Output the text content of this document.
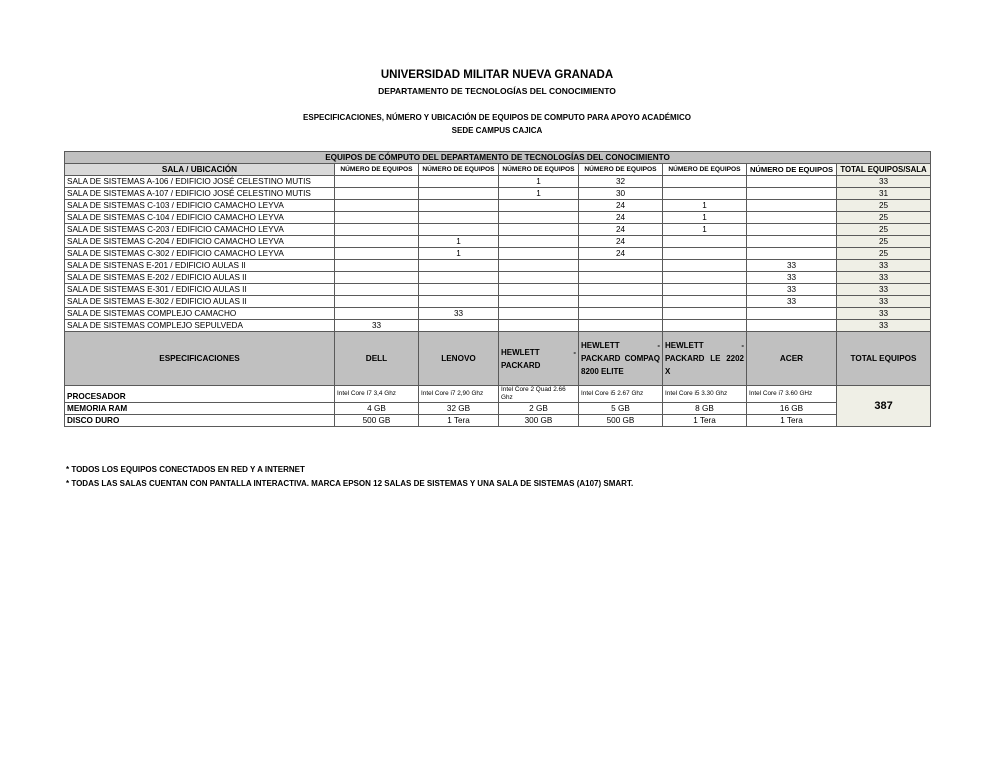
UNIVERSIDAD MILITAR NUEVA GRANADA
DEPARTAMENTO DE TECNOLOGÍAS DEL CONOCIMIENTO
ESPECIFICACIONES, NÚMERO Y UBICACIÓN DE EQUIPOS DE COMPUTO PARA APOYO ACADÉMICO
SEDE CAMPUS CAJICA
EQUIPOS DE CÓMPUTO DEL DEPARTAMENTO DE TECNOLOGÍAS DEL CONOCIMIENTO							
SALA / UBICACIÓN	NÚMERO DE EQUIPOS	NÚMERO DE EQUIPOS	NÚMERO DE EQUIPOS	NÚMERO DE EQUIPOS	NÚMERO DE EQUIPOS	NÚMERO DE EQUIPOS	TOTAL EQUIPOS/SALA
SALA DE SISTEMAS A-106 / EDIFICIO JOSÉ CELESTINO MUTIS			1	32			33
SALA DE SISTEMAS A-107 / EDIFICIO JOSÉ CELESTINO MUTIS			1	30			31
SALA DE SISTEMAS C-103 / EDIFICIO CAMACHO LEYVA				24	1		25
SALA DE SISTEMAS C-104 / EDIFICIO CAMACHO LEYVA				24	1		25
SALA DE SISTEMAS C-203 / EDIFICIO CAMACHO LEYVA				24	1		25
SALA DE SISTEMAS C-204 / EDIFICIO CAMACHO LEYVA		1		24			25
SALA DE SISTEMAS C-302 / EDIFICIO CAMACHO LEYVA		1		24			25
SALA DE SISTENAS E-201 / EDIFICIO AULAS II						33	33
SALA DE SISTEMAS E-202 / EDIFICIO AULAS II						33	33
SALA DE SISTEMAS E-301 / EDIFICIO AULAS II						33	33
SALA DE SISTEMAS E-302 / EDIFICIO AULAS II						33	33
SALA DE SISTEMAS COMPLEJO CAMACHO		33					33
SALA DE SISTEMAS COMPLEJO SEPULVEDA	33						33
ESPECIFICACIONES	DELL	LENOVO	HEWLETT - PACKARD	HEWLETT - PACKARD COMPAQ 8200 ELITE	HEWLETT - PACKARD LE 2202 X	ACER	TOTAL EQUIPOS
PROCESADOR	Intel Core I7 3,4 Ghz	Intel Core i7 2,90 Ghz	Intel Core 2 Quad 2.66 Ghz	Intel Core i5 2.67 Ghz	Intel Core i5 3.30 Ghz	Intel Core i7 3.60 GHz	387
MEMORIA RAM	4 GB	32 GB	2 GB	5 GB	8 GB	16 GB	
DISCO DURO	500 GB	1 Tera	300 GB	500 GB	1 Tera	1 Tera	
* TODOS LOS EQUIPOS CONECTADOS EN RED Y A INTERNET
* TODAS LAS SALAS CUENTAN CON PANTALLA INTERACTIVA. MARCA EPSON 12 SALAS DE SISTEMAS Y UNA SALA DE SISTEMAS (A107) SMART.
